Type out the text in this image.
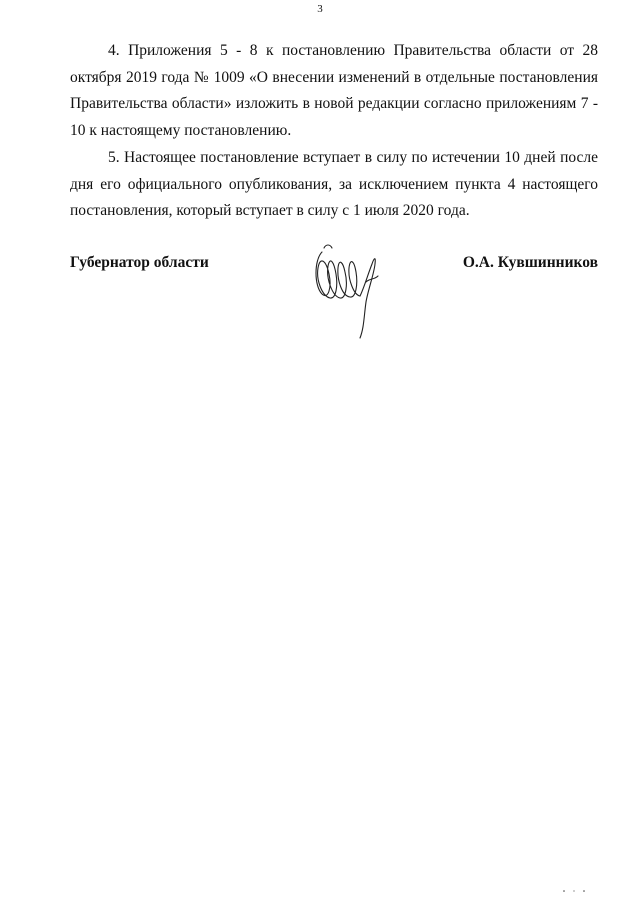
3

4. Приложения 5 - 8 к постановлению Правительства области от 28 октября 2019 года № 1009 «О внесении изменений в отдельные постановления Правительства области» изложить в новой редакции согласно приложениям 7 - 10 к настоящему постановлению.

5. Настоящее постановление вступает в силу по истечении 10 дней после дня его официального опубликования, за исключением пункта 4 настоящего постановления, который вступает в силу с 1 июля 2020 года.

Губернатор области	О.А. Кувшинников
